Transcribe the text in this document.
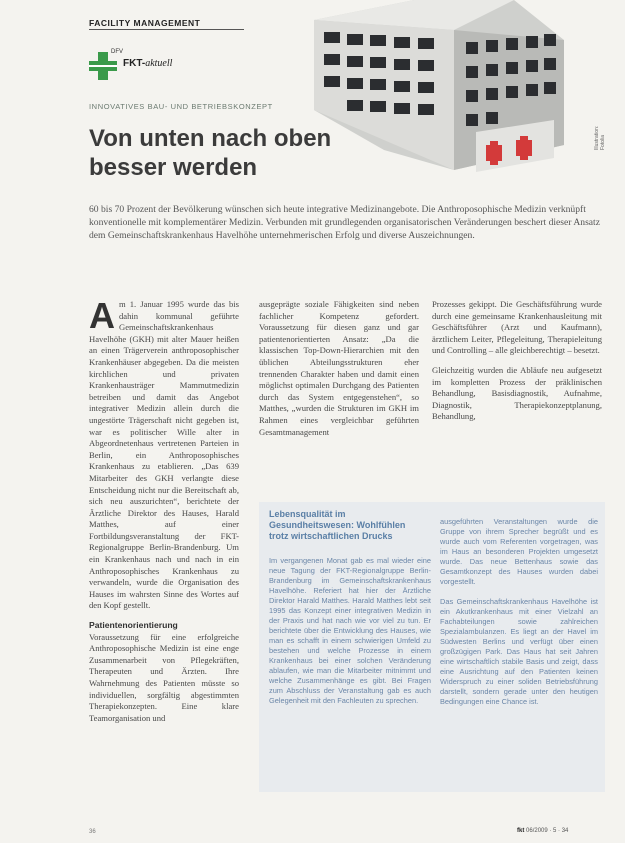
FACILITY MANAGEMENT
DFV
FKT-aktuell
Illustration: Fotolia
INNOVATIVES BAU- UND BETRIEBSKONZEPT
Von unten nach oben besser werden
60 bis 70 Prozent der Bevölkerung wünschen sich heute integrative Medizinangebote. Die Anthroposophische Medizin verknüpft konventionelle mit komplementärer Medizin. Verbunden mit grundlegenden organisatorischen Veränderungen beschert dieser Ansatz dem Gemeinschaftskrankenhaus Havelhöhe unternehmerischen Erfolg und diverse Auszeichnungen.
A m 1. Januar 1995 wurde das bis dahin kommunal geführte Gemeinschaftskrankenhaus Havelhöhe (GKH) mit alter Mauer heißen an einen Trägerverein anthroposophischer Krankenhäuser abgegeben. Da die meisten kirchlichen und privaten Krankenhausträger Mammutmedizin betreiben und damit das Angebot integrativer Medizin allein durch die ungestörte Trägerschaft nicht gegeben ist, war es politischer Wille alter in Abgeordnetenhaus vertretenen Parteien in Berlin, ein Anthroposophisches Krankenhaus zu etablieren. „Das 639 Mitarbeiter des GKH verlangte diese Entscheidung nicht nur die Bereitschaft ab, sich neu auszurichten“, berichtete der Ärztliche Direktor des Hauses, Harald Matthes, auf einer Fortbildungsveranstaltung der FKT-Regionalgruppe Berlin-Brandenburg. Um ein Krankenhaus nach und nach in ein Anthroposophisches Krankenhaus zu verwandeln, wurde die Organisation des Hauses im wahrsten Sinne des Wortes auf den Kopf gestellt.

Patientenorientierung

Voraussetzung für eine erfolgreiche Anthroposophische Medizin ist eine enge Zusammenarbeit von Pflegekräften, Therapeuten und Ärzten. Ihre Wahrnehmung des Patienten müsste so individuellen, sorgfältig abgestimmten Therapiekonzepten. Eine klare Teamorganisation und

ausgeprägte soziale Fähigkeiten sind neben fachlicher Kompetenz gefordert. Voraussetzung für diesen ganz und gar patientenorientierten Ansatz: „Da die klassischen Top-Down-Hierarchien mit den üblichen Abteilungsstrukturen eher trennenden Charakter haben und damit einen möglichst optimalen Durchgang des Patienten durch das System entgegenstehen“, so Matthes, „wurden die Strukturen im GKH im Rahmen eines vergleichbar geführten Gesamtmanagement

Prozesses gekippt. Die Geschäftsführung wurde durch eine gemeinsame Krankenhausleitung mit Geschäftsführer (Arzt und Kaufmann), ärztlichem Leiter, Pflegeleitung, Therapieleitung und Controlling – alle gleichberechtigt – besetzt.

Gleichzeitig wurden die Abläufe neu aufgesetzt im kompletten Prozess der präklinischen Behandlung, Basisdiagnostik, Aufnahme, Diagnostik, Therapiekonzeptplanung, Behandlung,

Lebensqualität im Gesundheitswesen: Wohlfühlen trotz wirtschaftlichen Drucks

Im vergangenen Monat gab es mal wieder eine neue Tagung der FKT-Regionalgruppe Berlin-Brandenburg im Gemeinschaftskrankenhaus Havelhöhe. Referiert hat hier der Ärztliche Direktor Harald Matthes. Harald Matthes lebt seit 1995 das Konzept einer integrativen Medizin in der Praxis und hat nach wie vor viel zu tun. Er berichtete über die Entwicklung des Hauses, wie man es schafft in einem schwierigen Umfeld zu bestehen und welche Prozesse in einem Krankenhaus bei einer solchen Veränderung ablaufen, wie man die Mitarbeiter mitnimmt und welche Zusammenhänge es gibt. Bei Fragen zum Abschluss der Veranstaltung gab es auch Gelegenheit mit den Fachleuten zu sprechen.

ausgeführten Veranstaltungen wurde die Gruppe von ihrem Sprecher begrüßt und es wurde auch vom Referenten vorgetragen, was im Haus an besonderen Projekten umgesetzt wurde. Das neue Bettenhaus sowie das Gesamtkonzept des Hauses wurden dabei vorgestellt.

Das Gemeinschaftskrankenhaus Havelhöhe ist ein Akutkrankenhaus mit einer Vielzahl an Fachabteilungen sowie zahlreichen Spezialambulanzen. Es liegt an der Havel im Südwesten Berlins und verfügt über einen großzügigen Park. Das Haus hat seit Jahren eine wirtschaftlich stabile Basis und zeigt, dass eine Ausrichtung auf den Patienten keinen Widerspruch zu einer soliden Betriebsführung darstellt, sondern gerade unter den heutigen Bedingungen eine Chance ist.

36	fkt 06/2009 · 5 · 34
